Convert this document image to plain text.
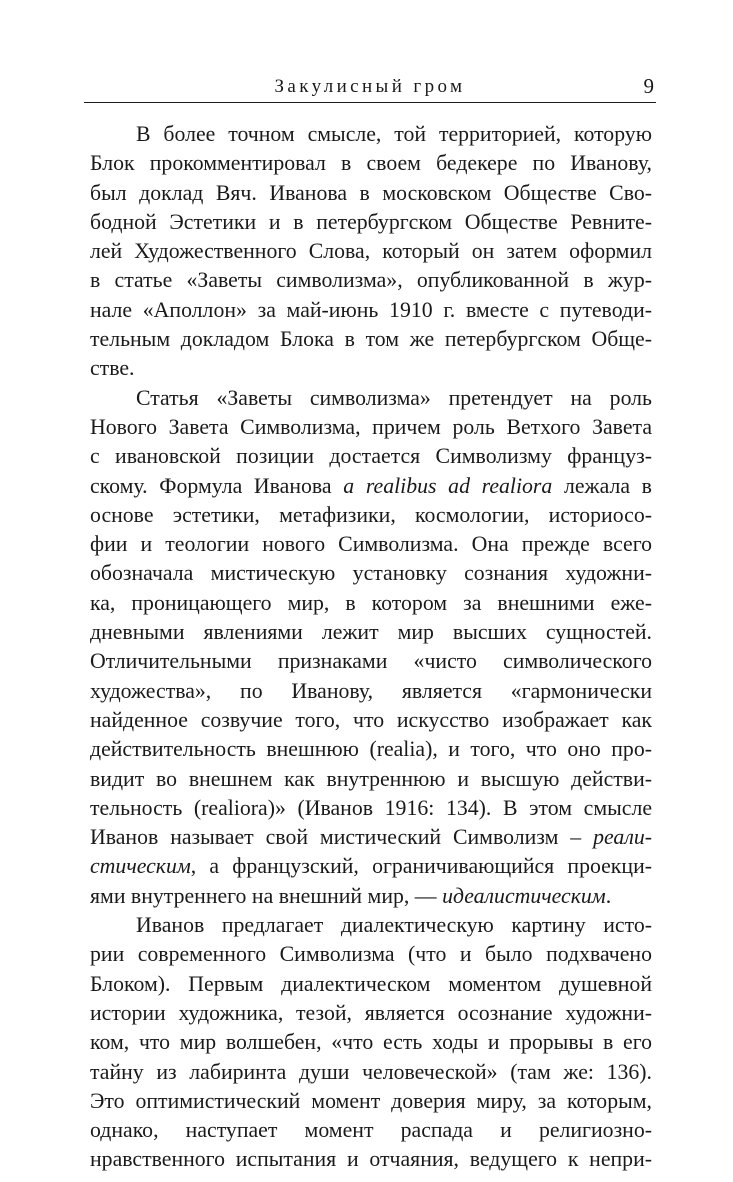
Закулисный гром	9
В более точном смысле, той территорией, которую
Блок прокомментировал в своем бедекере по Иванову,
был доклад Вяч. Иванова в московском Обществе Сво-
бодной Эстетики и в петербургском Обществе Ревните-
лей Художественного Слова, который он затем оформил
в статье «Заветы символизма», опубликованной в жур-
нале «Аполлон» за май-июнь 1910 г. вместе с путеводи-
тельным докладом Блока в том же петербургском Обще-
стве.
Статья «Заветы символизма» претендует на роль
Нового Завета Символизма, причем роль Ветхого Завета
с ивановской позиции достается Символизму француз-
скому. Формула Иванова a realibus ad realiora лежала в
основе эстетики, метафизики, космологии, историосо-
фии и теологии нового Символизма. Она прежде всего
обозначала мистическую установку сознания художни-
ка, проницающего мир, в котором за внешними еже-
дневными явлениями лежит мир высших сущностей.
Отличительными признаками «чисто символического
художества», по Иванову, является «гармонически
найденное созвучие того, что искусство изображает как
действительность внешнюю (realia), и того, что оно про-
видит во внешнем как внутреннюю и высшую действи-
тельность (realiora)» (Иванов 1916: 134). В этом смысле
Иванов называет свой мистический Символизм – реали-
стическим, а французский, ограничивающийся проекци-
ями внутреннего на внешний мир, — идеалистическим.
Иванов предлагает диалектическую картину исто-
рии современного Символизма (что и было подхвачено
Блоком). Первым диалектическом моментом душевной
истории художника, тезой, является осознание художни-
ком, что мир волшебен, «что есть ходы и прорывы в его
тайну из лабиринта души человеческой» (там же: 136).
Это оптимистический момент доверия миру, за которым,
однако, наступает момент распада и религиозно-
нравственного испытания и отчаяния, ведущего к непри-
